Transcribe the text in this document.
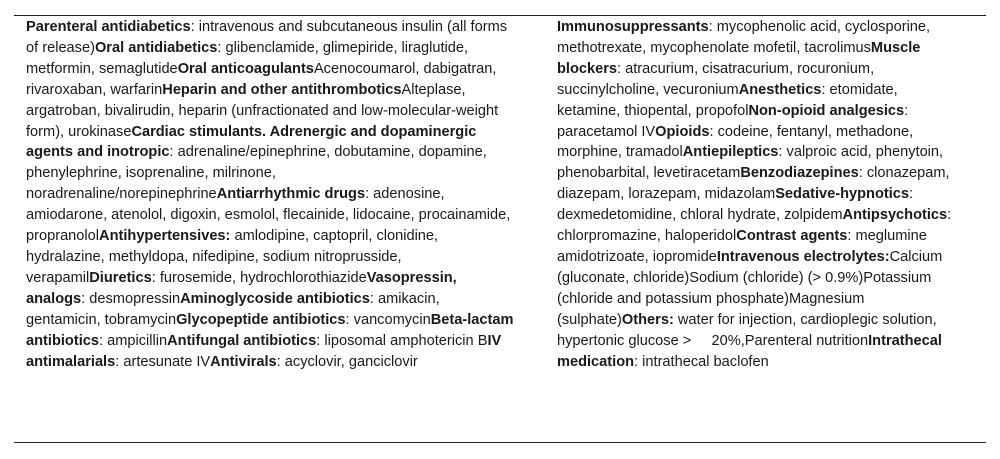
Parenteral antidiabetics: intravenous and subcutaneous insulin (all forms of release)Oral antidiabetics: glibenclamide, glimepiride, liraglutide, metformin, semaglutideOral anticoagulantsAcenocoumarol, dabigatran, rivaroxaban, warfarinHeparin and other antithromboticsAlteplase, argatroban, bivalirudin, heparin (unfractionated and low-molecular-weight form), urokinaseCardiac stimulants. Adrenergic and dopaminergic agents and inotropic: adrenaline/epinephrine, dobutamine, dopamine, phenylephrine, isoprenaline, milrinone, noradrenaline/norepinephrineAntiarrhythmic drugs: adenosine, amiodarone, atenolol, digoxin, esmolol, flecainide, lidocaine, procainamide, propranololAntihypertensives: amlodipine, captopril, clonidine, hydralazine, methyldopa, nifedipine, sodium nitroprusside, verapamilDiuretics: furosemide, hydrochlorothiazideVasopressin, analogs: desmopressinAminoglycoside antibiotics: amikacin, gentamicin, tobramycinGlycopeptide antibiotics: vancomycinBeta-lactam antibiotics: ampicillinAntifungal antibiotics: liposomal amphotericin BIV antimalarials: artesunate IVAntivirals: acyclovir, ganciclovir
Immunosuppressants: mycophenolic acid, cyclosporine, methotrexate, mycophenolate mofetil, tacrolimusMuscle blockers: atracurium, cisatracurium, rocuronium, succinylcholine, vecuroniumAnesthetics: etomidate, ketamine, thiopental, propofolNon-opioid analgesics: paracetamol IVOpioids: codeine, fentanyl, methadone, morphine, tramadolAntiepileptics: valproic acid, phenytoin, phenobarbital, levetiracetamBenzodiazepines: clonazepam, diazepam, lorazepam, midazolamSedative-hypnotics: dexmedetomidine, chloral hydrate, zolpidemAntipsychotics: chlorpromazine, haloperidolContrast agents: meglumine amidotrizoate, iopromideIntravenous electrolytes:Calcium (gluconate, chloride)Sodium (chloride) (> 0.9%)Potassium (chloride and potassium phosphate)Magnesium (sulphate)Others: water for injection, cardioplegic solution, hypertonic glucose >     20%,Parenteral nutritionIntrathecal medication: intrathecal baclofen
